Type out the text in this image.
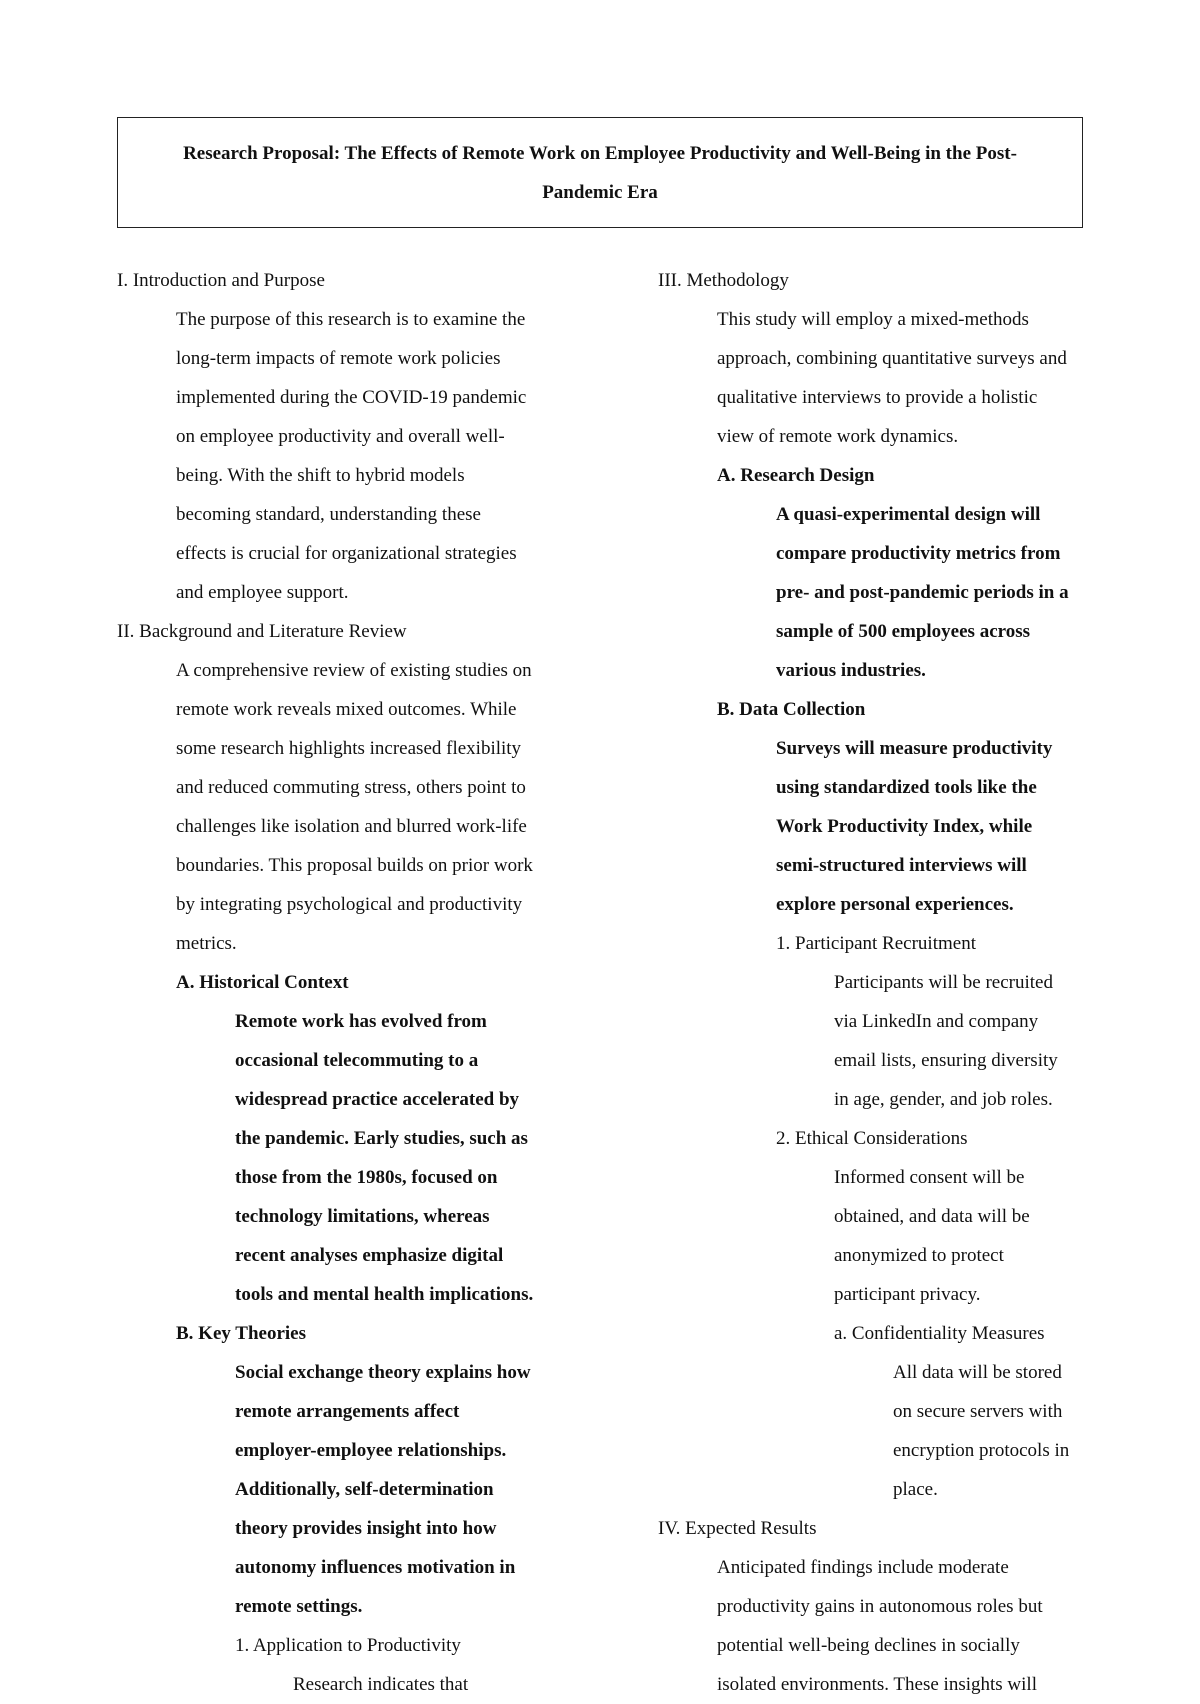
Research Proposal: The Effects of Remote Work on Employee Productivity and Well-Being in the Post-
Pandemic Era
I. Introduction and Purpose
The purpose of this research is to examine the
long-term impacts of remote work policies
implemented during the COVID-19 pandemic
on employee productivity and overall well-
being. With the shift to hybrid models
becoming standard, understanding these
effects is crucial for organizational strategies
and employee support.
II. Background and Literature Review
A comprehensive review of existing studies on
remote work reveals mixed outcomes. While
some research highlights increased flexibility
and reduced commuting stress, others point to
challenges like isolation and blurred work-life
boundaries. This proposal builds on prior work
by integrating psychological and productivity
metrics.
A. Historical Context
Remote work has evolved from
occasional telecommuting to a
widespread practice accelerated by
the pandemic. Early studies, such as
those from the 1980s, focused on
technology limitations, whereas
recent analyses emphasize digital
tools and mental health implications.
B. Key Theories
Social exchange theory explains how
remote arrangements affect
employer-employee relationships.
Additionally, self-determination
theory provides insight into how
autonomy influences motivation in
remote settings.
1. Application to Productivity
Research indicates that
III. Methodology
This study will employ a mixed-methods
approach, combining quantitative surveys and
qualitative interviews to provide a holistic
view of remote work dynamics.
A. Research Design
A quasi-experimental design will
compare productivity metrics from
pre- and post-pandemic periods in a
sample of 500 employees across
various industries.
B. Data Collection
Surveys will measure productivity
using standardized tools like the
Work Productivity Index, while
semi-structured interviews will
explore personal experiences.
1. Participant Recruitment
Participants will be recruited
via LinkedIn and company
email lists, ensuring diversity
in age, gender, and job roles.
2. Ethical Considerations
Informed consent will be
obtained, and data will be
anonymized to protect
participant privacy.
a. Confidentiality Measures
All data will be stored
on secure servers with
encryption protocols in
place.
IV. Expected Results
Anticipated findings include moderate
productivity gains in autonomous roles but
potential well-being declines in socially
isolated environments. These insights will
